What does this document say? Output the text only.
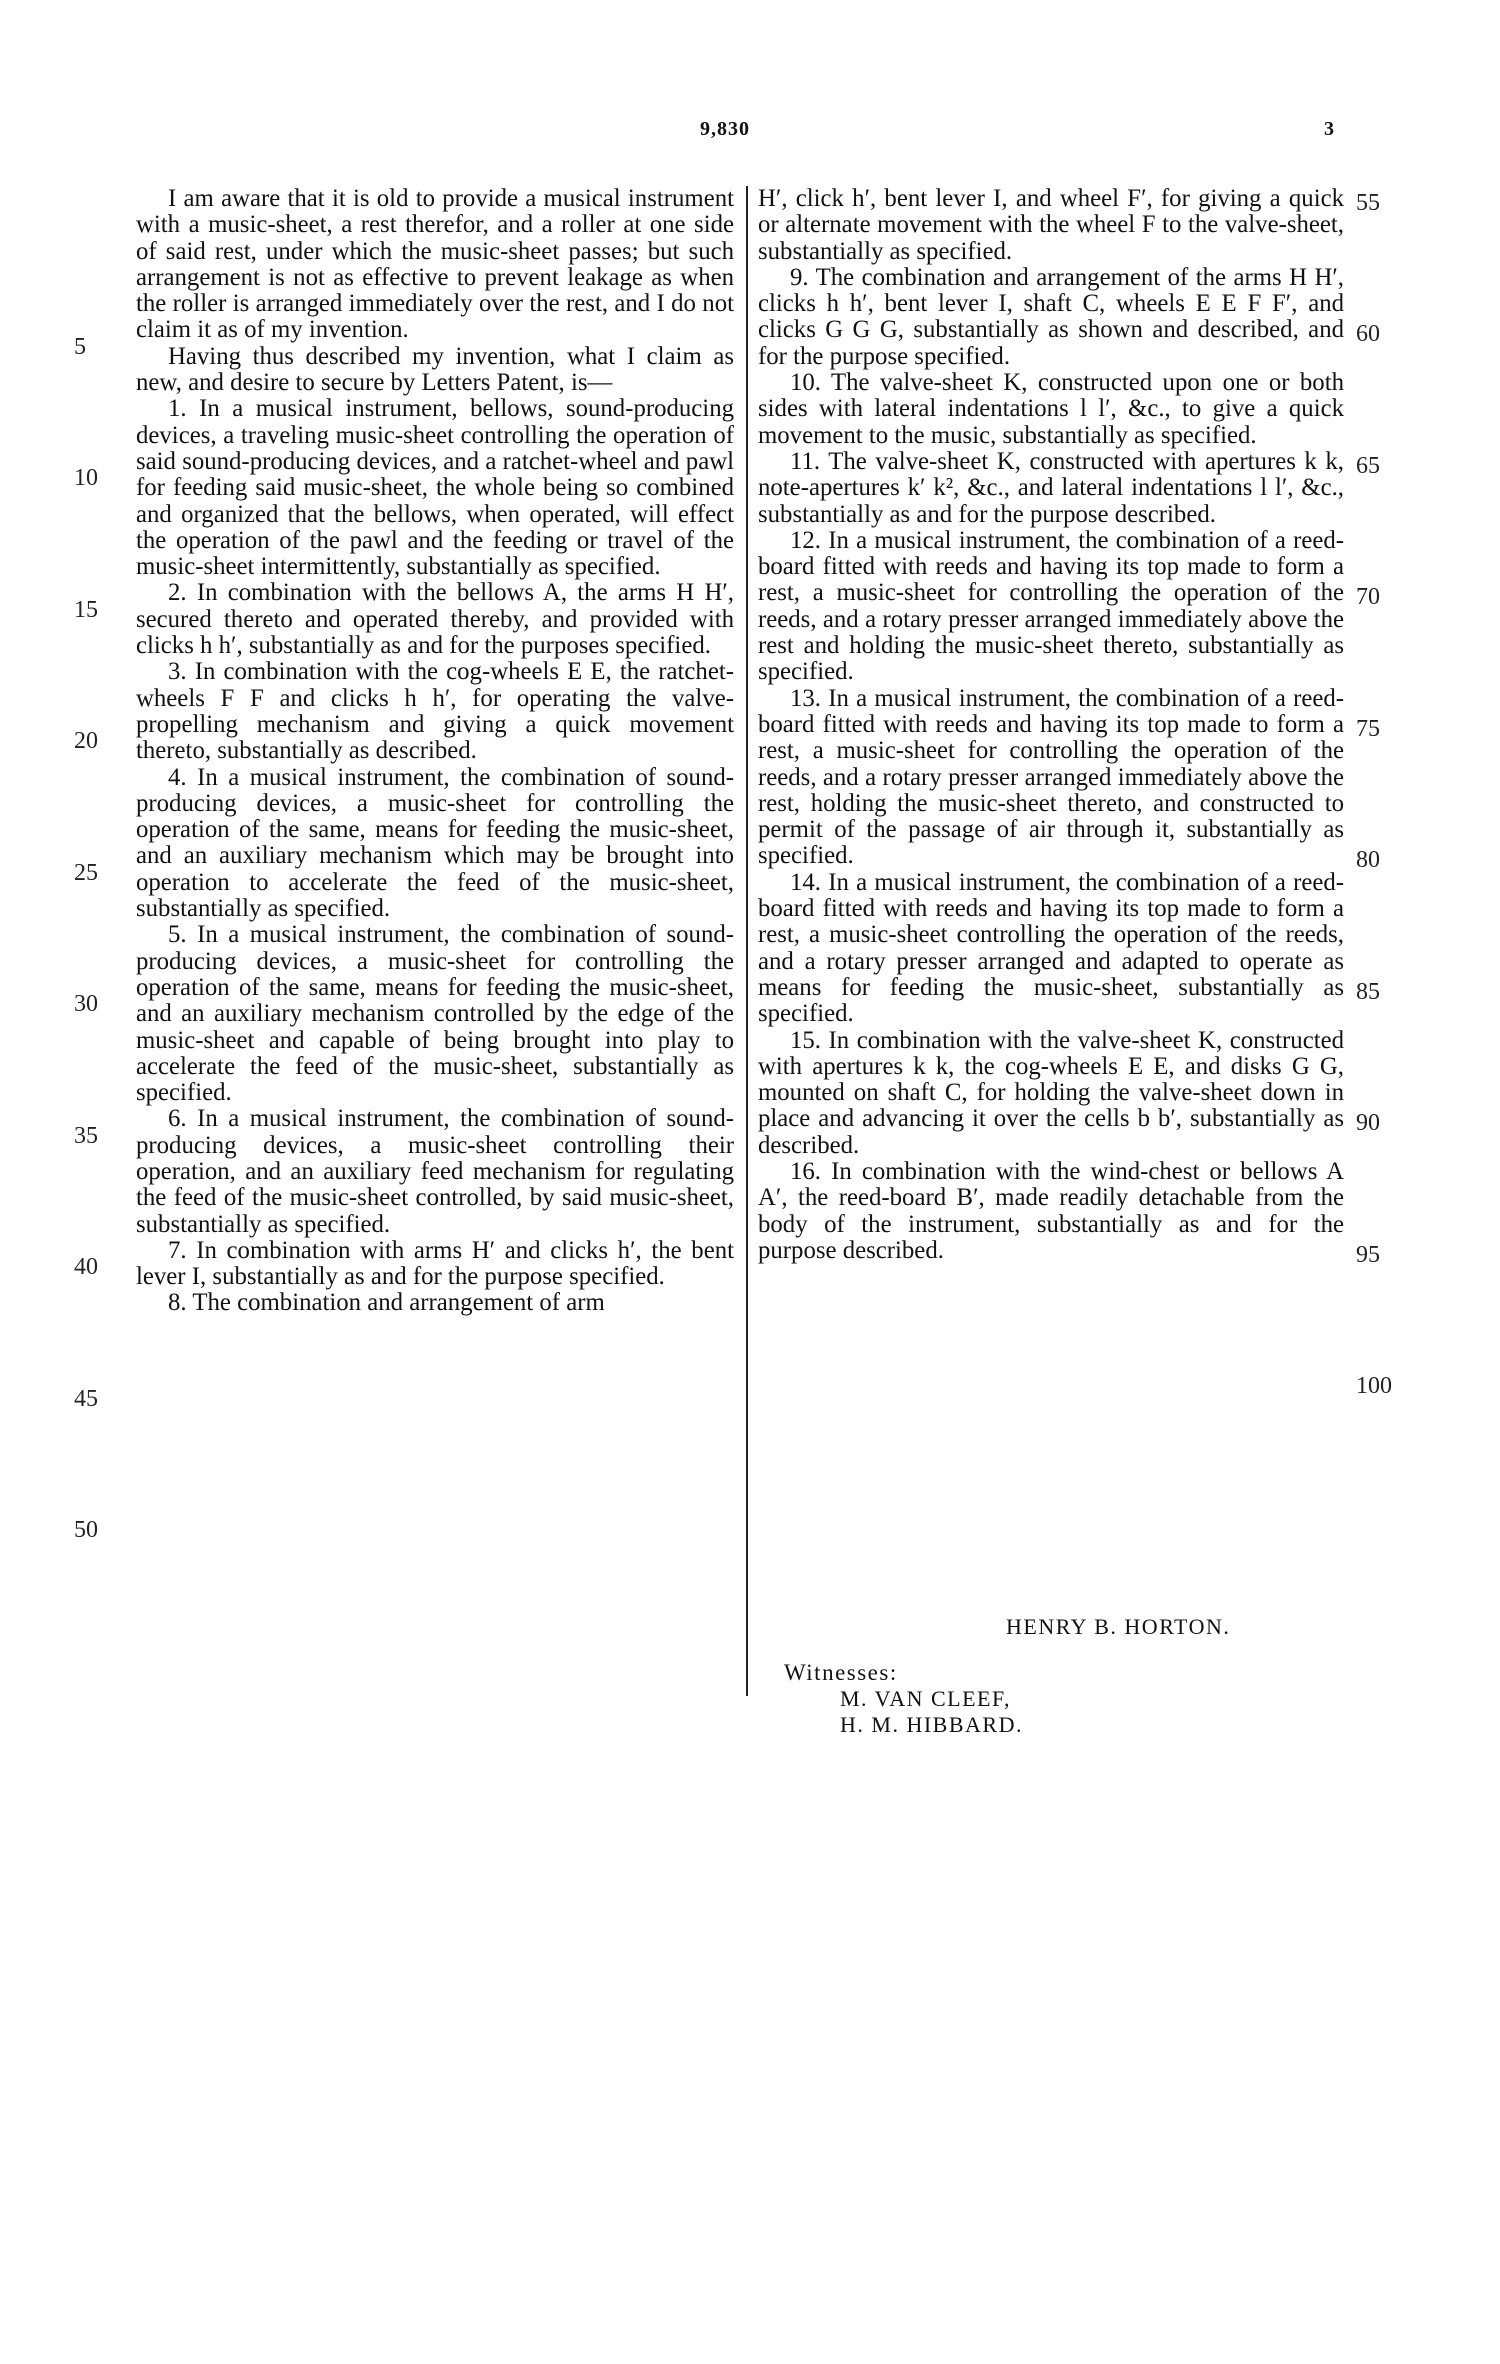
9,830	3

I am aware that it is old to provide a musical instrument with a music-sheet, a rest therefor, and a roller at one side of said rest, under which the music-sheet passes; but such arrangement is not as effective to prevent leakage as when the roller is arranged immediately over the rest, and I do not claim it as of my invention.

Having thus described my invention, what I claim as new, and desire to secure by Letters Patent, is—

1. In a musical instrument, bellows, sound-producing devices, a traveling music-sheet controlling the operation of said sound-producing devices, and a ratchet-wheel and pawl for feeding said music-sheet, the whole being so combined and organized that the bellows, when operated, will effect the operation of the pawl and the feeding or travel of the music-sheet intermittently, substantially as specified.

2. In combination with the bellows A, the arms H H′, secured thereto and operated thereby, and provided with clicks h h′, substantially as and for the purposes specified.

3. In combination with the cog-wheels E E, the ratchet-wheels F F and clicks h h′, for operating the valve-propelling mechanism and giving a quick movement thereto, substantially as described.

4. In a musical instrument, the combination of sound-producing devices, a music-sheet for controlling the operation of the same, means for feeding the music-sheet, and an auxiliary mechanism which may be brought into operation to accelerate the feed of the music-sheet, substantially as specified.

5. In a musical instrument, the combination of sound-producing devices, a music-sheet for controlling the operation of the same, means for feeding the music-sheet, and an auxiliary mechanism controlled by the edge of the music-sheet and capable of being brought into play to accelerate the feed of the music-sheet, substantially as specified.

6. In a musical instrument, the combination of sound-producing devices, a music-sheet controlling their operation, and an auxiliary feed mechanism for regulating the feed of the music-sheet controlled, by said music-sheet, substantially as specified.

7. In combination with arms H′ and clicks h′, the bent lever I, substantially as and for the purpose specified.

8. The combination and arrangement of arm

H′, click h′, bent lever I, and wheel F′, for giving a quick or alternate movement with the wheel F to the valve-sheet, substantially as specified.

9. The combination and arrangement of the arms H H′, clicks h h′, bent lever I, shaft C, wheels E E F F′, and clicks G G G, substantially as shown and described, and for the purpose specified.

10. The valve-sheet K, constructed upon one or both sides with lateral indentations l l′, &c., to give a quick movement to the music, substantially as specified.

11. The valve-sheet K, constructed with apertures k k, note-apertures k′ k², &c., and lateral indentations l l′, &c., substantially as and for the purpose described.

12. In a musical instrument, the combination of a reed-board fitted with reeds and having its top made to form a rest, a music-sheet for controlling the operation of the reeds, and a rotary presser arranged immediately above the rest and holding the music-sheet thereto, substantially as specified.

13. In a musical instrument, the combination of a reed-board fitted with reeds and having its top made to form a rest, a music-sheet for controlling the operation of the reeds, and a rotary presser arranged immediately above the rest, holding the music-sheet thereto, and constructed to permit of the passage of air through it, substantially as specified.

14. In a musical instrument, the combination of a reed-board fitted with reeds and having its top made to form a rest, a music-sheet controlling the operation of the reeds, and a rotary presser arranged and adapted to operate as means for feeding the music-sheet, substantially as specified.

15. In combination with the valve-sheet K, constructed with apertures k k, the cog-wheels E E, and disks G G, mounted on shaft C, for holding the valve-sheet down in place and advancing it over the cells b b′, substantially as described.

16. In combination with the wind-chest or bellows A A′, the reed-board B′, made readily detachable from the body of the instrument, substantially as and for the purpose described.

HENRY B. HORTON.
Witnesses:
M. VAN CLEEF,
H. M. HIBBARD.
5
10
15
20
25
30
35
40
45
50
55
60
65
70
75
80
85
90
95
100
